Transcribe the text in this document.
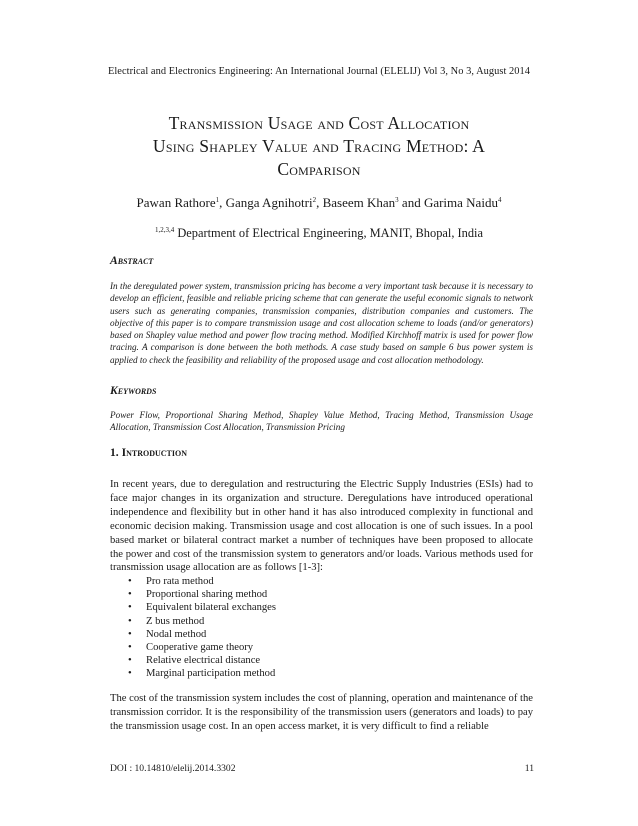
Electrical and Electronics Engineering: An International Journal (ELELIJ) Vol 3, No 3, August 2014
Transmission Usage and Cost Allocation
Using Shapley Value and Tracing Method: A
Comparison
Pawan Rathore$^1$, Ganga Agnihotri$^2$, Baseem Khan$^3$ and Garima Naidu$^4$
$^{1,2,3,4}$ Department of Electrical Engineering, MANIT, Bhopal, India
Abstract
In the deregulated power system, transmission pricing has become a very important task because it is necessary to develop an efficient, feasible and reliable pricing scheme that can generate the useful economic signals to network users such as generating companies, transmission companies, distribution companies and customers. The objective of this paper is to compare transmission usage and cost allocation scheme to loads (and/or generators) based on Shapley value method and power flow tracing method. Modified Kirchhoff matrix is used for power flow tracing. A comparison is done between the both methods. A case study based on sample 6 bus power system is applied to check the feasibility and reliability of the proposed usage and cost allocation methodology.
Keywords
Power Flow, Proportional Sharing Method, Shapley Value Method, Tracing Method, Transmission Usage Allocation, Transmission Cost Allocation, Transmission Pricing
1. Introduction
In recent years, due to deregulation and restructuring the Electric Supply Industries (ESIs) had to face major changes in its organization and structure. Deregulations have introduced operational independence and flexibility but in other hand it has also introduced complexity in functional and economic decision making. Transmission usage and cost allocation is one of such issues. In a pool based market or bilateral contract market a number of techniques have been proposed to allocate the power and cost of the transmission system to generators and/or loads. Various methods used for transmission usage allocation are as follows [1-3]:
• Pro rata method
• Proportional sharing method
• Equivalent bilateral exchanges
• Z bus method
• Nodal method
• Cooperative game theory
• Relative electrical distance
• Marginal participation method
The cost of the transmission system includes the cost of planning, operation and maintenance of the transmission corridor. It is the responsibility of the transmission users (generators and loads) to pay the transmission usage cost. In an open access market, it is very difficult to find a reliable
DOI : 10.14810/elelij.2014.3302	11
